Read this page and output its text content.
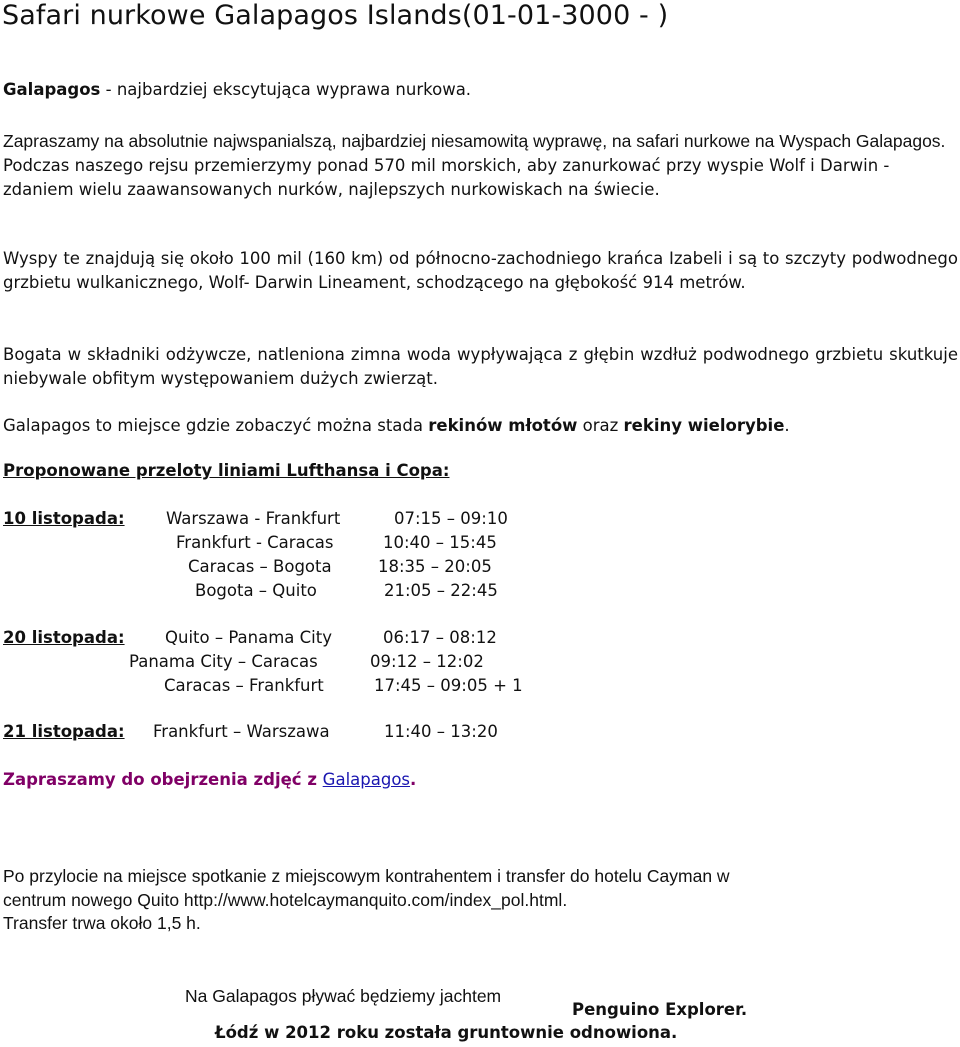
Safari nurkowe Galapagos Islands(01-01-3000 - )

Galapagos - najbardziej ekscytująca wyprawa nurkowa.

Zapraszamy na absolutnie najwspanialszą, najbardziej niesamowitą wyprawę, na safari nurkowe na Wyspach Galapagos. Podczas naszego rejsu przemierzymy ponad 570 mil morskich, aby zanurkować przy wyspie Wolf i Darwin - zdaniem wielu zaawansowanych nurków, najlepszych nurkowiskach na świecie.

Wyspy te znajdują się około 100 mil (160 km) od północno-zachodniego krańca Izabeli i są to szczyty podwodnego grzbietu wulkanicznego, Wolf- Darwin Lineament, schodzącego na głębokość 914 metrów.

Bogata w składniki odżywcze, natleniona zimna woda wypływająca z głębin wzdłuż podwodnego grzbietu skutkuje niebywale obfitym występowaniem dużych zwierząt.

Galapagos to miejsce gdzie zobaczyć można stada rekinów młotów oraz rekiny wielorybie.

Proponowane przeloty liniami Lufthansa i Copa:
10 listopada:	Warszawa - Frankfurt	07:15 – 09:10
Frankfurt - Caracas	10:40 – 15:45
Caracas – Bogota	18:35 – 20:05
Bogota – Quito	21:05 – 22:45
20 listopada: Quito – Panama City	06:17 – 08:12
Panama City – Caracas	09:12 – 12:02
Caracas – Frankfurt	17:45 – 09:05 + 1
21 listopada: Frankfurt – Warszawa	11:40 – 13:20
Zapraszamy do obejrzenia zdjęć z Galapagos.
Po przylocie na miejsce spotkanie z miejscowym kontrahentem i transfer do hotelu Cayman w
centrum nowego Quito http://www.hotelcaymanquito.com/index_pol.html.
Transfer trwa około 1,5 h.
Na Galapagos pływać będziemy jachtem
Penguino Explorer.
Łódź w 2012 roku została gruntownie odnowiona.
